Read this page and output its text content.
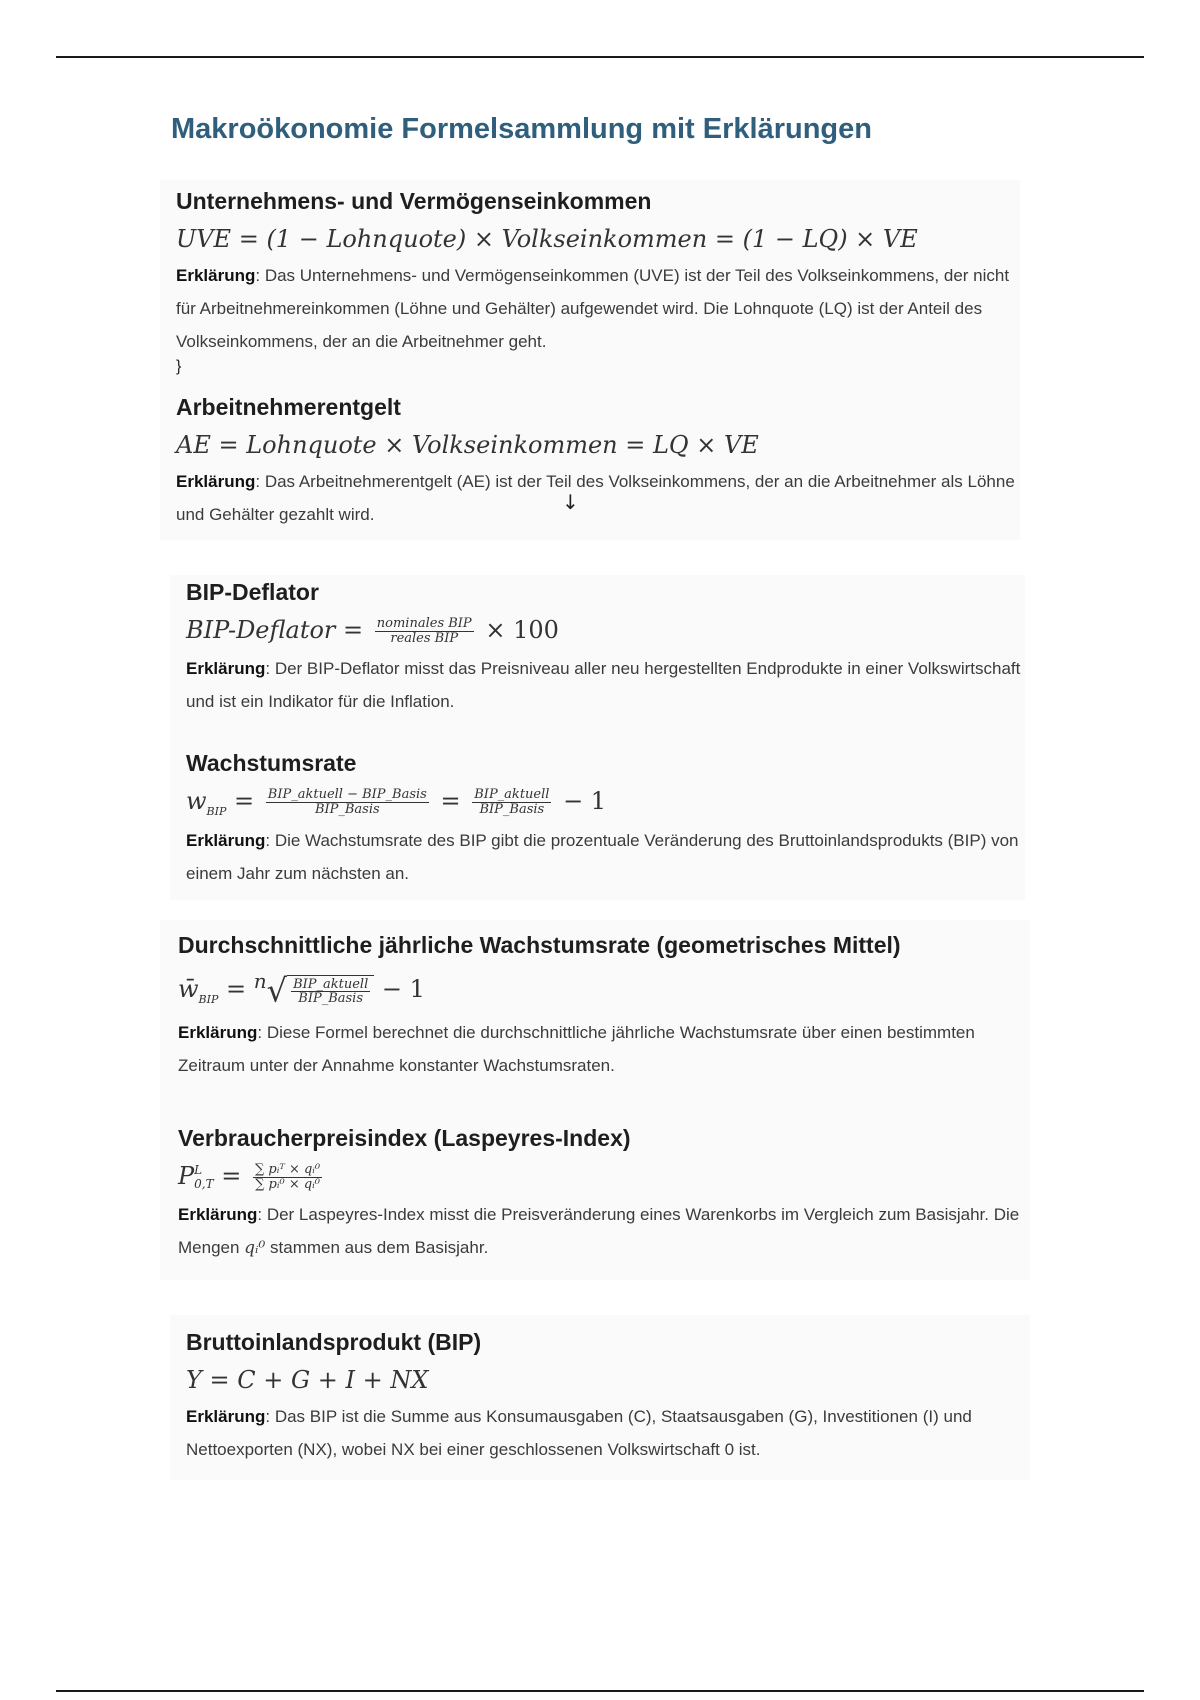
Makroökonomie Formelsammlung mit Erklärungen
Unternehmens- und Vermögenseinkommen
UVE = (1 − Lohnquote) × Volkseinkommen = (1 − LQ) × VE
Erklärung: Das Unternehmens- und Vermögenseinkommen (UVE) ist der Teil des Volkseinkommens, der nicht für Arbeitnehmereinkommen (Löhne und Gehälter) aufgewendet wird. Die Lohnquote (LQ) ist der Anteil des Volkseinkommens, der an die Arbeitnehmer geht.
}
Arbeitnehmerentgelt
AE = Lohnquote × Volkseinkommen = LQ × VE
Erklärung: Das Arbeitnehmerentgelt (AE) ist der Teil des Volkseinkommens, der an die Arbeitnehmer als Löhne und Gehälter gezahlt wird.
↓
BIP-Deflator
BIP-Deflator = $\frac{\text{nominales BIP}}{\text{reales BIP}} \times 100$
Erklärung: Der BIP-Deflator misst das Preisniveau aller neu hergestellten Endprodukte in einer Volkswirtschaft und ist ein Indikator für die Inflation.
Wachstumsrate
$w_{BIP} = \frac{\text{BIP\_aktuell − BIP\_Basis}}{\text{BIP\_Basis}} = \frac{\text{BIP\_aktuell}}{\text{BIP\_Basis}} - 1$
Erklärung: Die Wachstumsrate des BIP gibt die prozentuale Veränderung des Bruttoinlandsprodukts (BIP) von einem Jahr zum nächsten an.
Durchschnittliche jährliche Wachstumsrate (geometrisches Mittel)
$w̄_{BIP} = ^n√ \frac{\text{BIP\_aktuell}}{\text{BIP\_Basis}} - 1$
Erklärung: Diese Formel berechnet die durchschnittliche jährliche Wachstumsrate über einen bestimmten Zeitraum unter der Annahme konstanter Wachstumsraten.
Verbraucherpreisindex (Laspeyres-Index)
P L
$0,T = \frac{\text{∑ pᵢᵀ × qᵢ⁰}}{\text{∑ pᵢ⁰ × qᵢ⁰}}$
Erklärung: Der Laspeyres-Index misst die Preisveränderung eines Warenkorbs im Vergleich zum Basisjahr. Die Mengen qᵢ⁰ stammen aus dem Basisjahr.
Bruttoinlandsprodukt (BIP)
Y = C + G + I + NX
Erklärung: Das BIP ist die Summe aus Konsumausgaben (C), Staatsausgaben (G), Investitionen (I) und Nettoexporten (NX), wobei NX bei einer geschlossenen Volkswirtschaft 0 ist.
